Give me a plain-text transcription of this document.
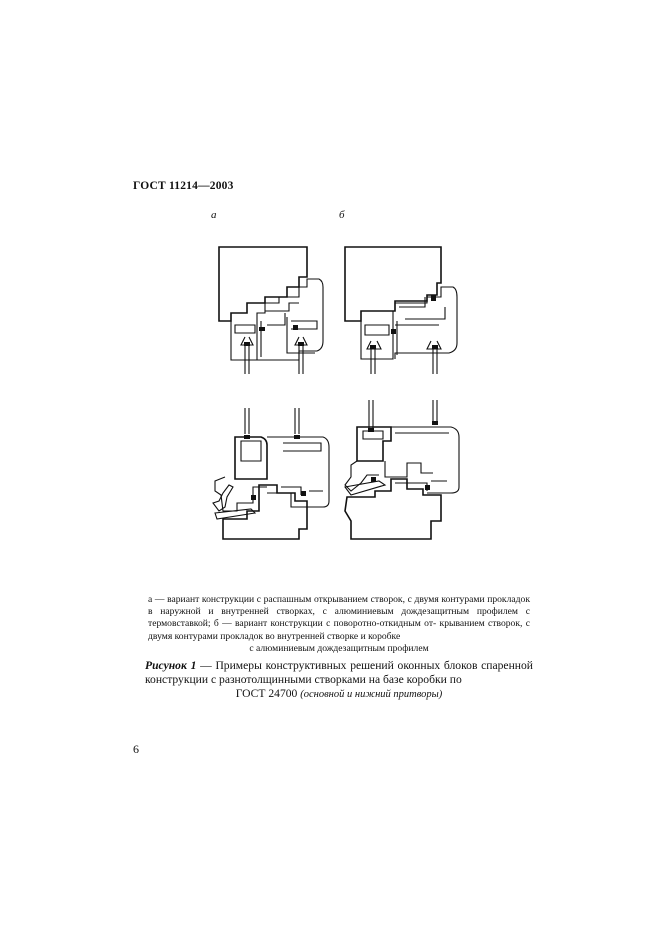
ГОСТ 11214—2003
а	б
а — вариант конструкции с распашным открыванием створок, с двумя контурами прокладок в наружной и внутренней створках, с алюминиевым дождезащитным профилем с термовставкой; б — вариант конструкции с поворотно-откидным от- крыванием створок, с двумя контурами прокладок во внутренней створке и коробке
с алюминиевым дождезащитным профилем
Рисунок 1 — Примеры конструктивных решений оконных блоков спаренной конструкции с разнотолщинными створками на базе коробки по
ГОСТ 24700 (основной и нижний притворы)
6
